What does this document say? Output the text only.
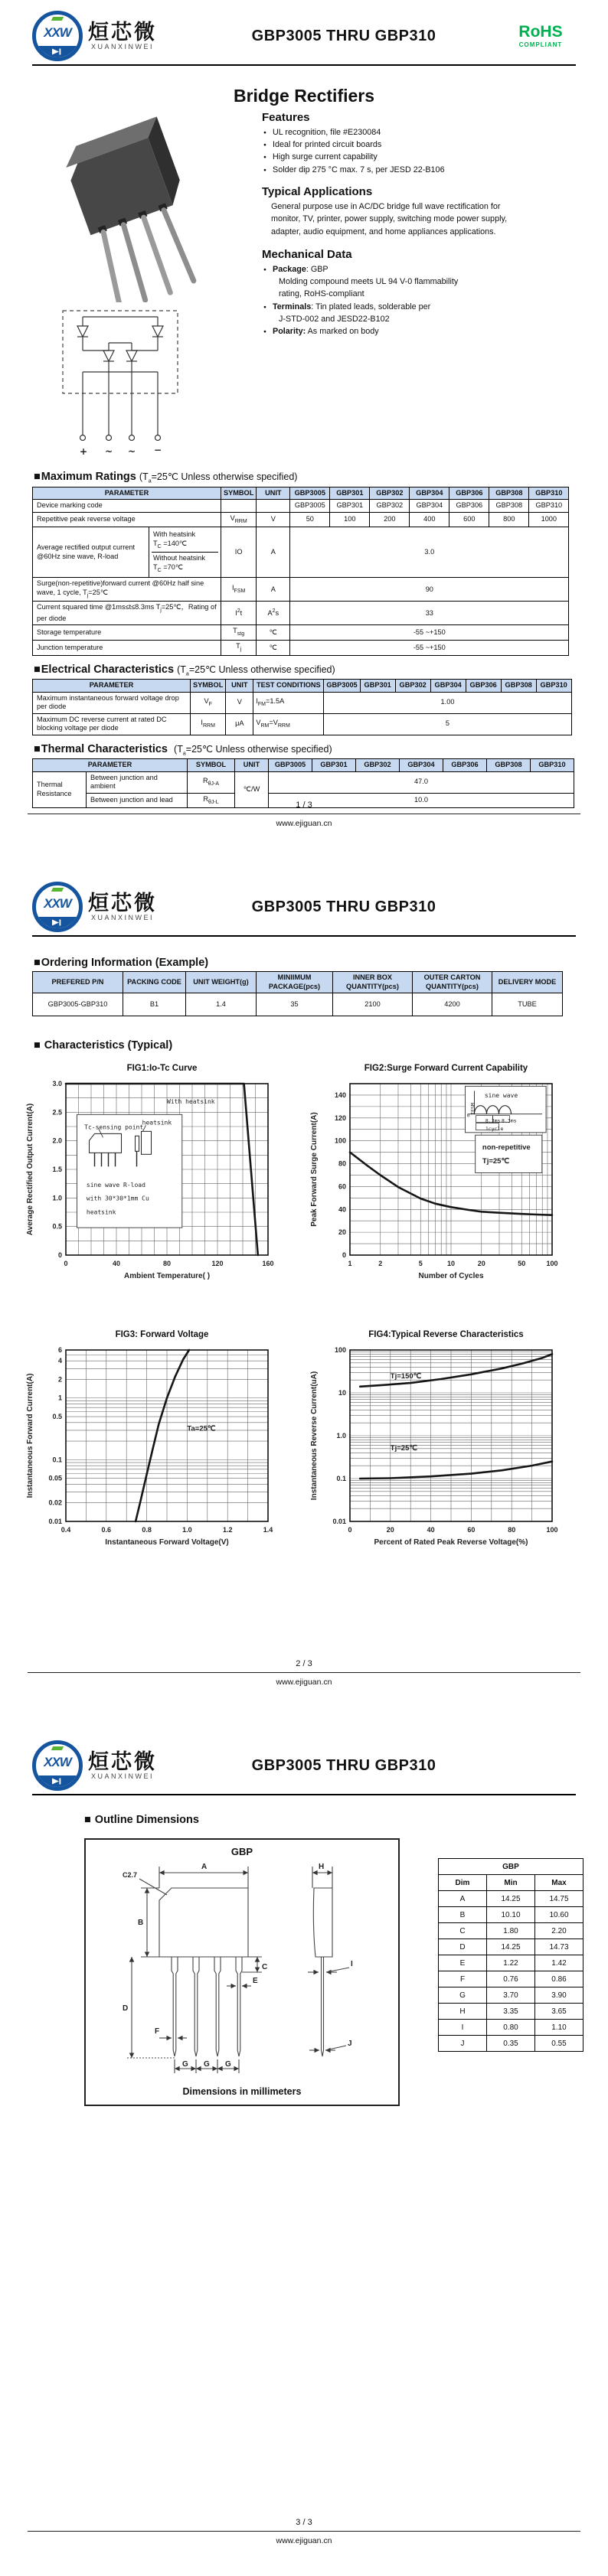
XXW 烜芯微
XUANXINWEI
GBP3005 THRU GBP310	RoHS
COMPLIANT
Bridge Rectifiers

+ ~ ~ −
Features
● UL recognition, file #E230084
● Ideal for printed circuit boards
● High surge current capability
● Solder dip 275 °C max. 7 s, per JESD 22-B106
Typical Applications
General purpose use in AC/DC bridge full wave rectification for monitor, TV, printer, power supply, switching mode power supply, adapter, audio equipment, and home appliances applications.
Mechanical Data
● Package: GBP
Molding compound meets UL 94 V-0 flammability
rating, RoHS-compliant
● Terminals: Tin plated leads, solderable per
J-STD-002 and JESD22-B102
● Polarity: As marked on body
■Maximum Ratings ($T_a=25℃$ Unless otherwise specified)
PARAMETER		SYMBOL	UNIT	GBP3005	GBP301	GBP302	GBP304	GBP306	GBP308	GBP310
Device marking code				GBP3005	GBP301	GBP302	GBP304	GBP306	GBP308	GBP310
Repetitive peak reverse voltage		$V_{RRM}$	V	50	100	200	400	600	800	1000
Average rectified output current @60Hz sine wave, R-load	With heatsink
$T_C$ =140℃
Without heatsink
$T_C$ =70℃	IO	A	3.0						
Surge(non-repetitive)forward current @60Hz half sine wave, 1 cycle, $T_j=25℃$		$I_{FSM}$	A	90						
Current squared time @1ms≤t≤8.3ms $T_j=25℃$，Rating of per diode		$I^2t$	$A^2s$	33						
Storage temperature		$T_{stg}$	℃	-55 ~+150						
Junction temperature		$T_j$	℃	-55 ~+150						
■Electrical Characteristics ($T_a=25℃$ Unless otherwise specified)
PARAMETER	SYMBOL	UNIT	TEST CONDITIONS	GBP3005	GBP301	GBP302	GBP304	GBP306	GBP308	GBP310
Maximum instantaneous forward voltage drop per diode	$V_F$	V	$I_{FM}=1.5A$	1.00						
Maximum DC reverse current at rated DC blocking voltage per diode	$I_{RRM}$	μA	$V_{RM}=V_{RRM}$	5						
■Thermal Characteristics ($T_a=25℃$ Unless otherwise specified)
PARAMETER		SYMBOL	UNIT	GBP3005	GBP301	GBP302	GBP304	GBP306	GBP308	GBP310
Thermal Resistance	Between junction and ambient	$R_{\theta J-A}$	℃/W	47.0						
	Between junction and lead	$R_{\theta J-L}$		10.0						
1 / 3
www.ejiguan.cn
XXW 烜芯微
XUANXINWEI
GBP3005 THRU GBP310
■Ordering Information (Example)
PREFERED P/N	PACKING CODE	UNIT WEIGHT(g)	MINIIMUM PACKAGE(pcs)	INNER BOX QUANTITY(pcs)	OUTER CARTON QUANTITY(pcs)	DELIVERY MODE
GBP3005-GBP310	B1	1.4	35	2100	4200	TUBE
■ Characteristics (Typical)
FIG1:Io-Tc Curve
0	40	80	120	160
0
0.5
1.0
1.5
2.0
2.5
3.0
Ambient Temperature( )
Average Rectified Output Current(A)	Tc-sensing point
heatsink
sine wave R-load
with 30*30*1mm Cu
heatsink
With heatsink
FIG2:Surge Forward Current Capability
1	2	5	10	20	50	100
0
20
40
60
80
100
120
140
Number of Cycles
Peak Forward Surge Current(A)
sine wave
0
IFSM
8.3ms 8.3ms
1cycle
non-repetitive
Tj=25℃
FIG3: Forward Voltage
0.4	0.6	0.8	1.0	1.2	1.4
0.01
0.02
0.05
0.1
0.5
1
2
4
6
Instantaneous Forward Voltage(V)
Instantaneous Forward Current(A)	Ta=25℃
FIG4:Typical Reverse Characteristics
0	20	40	60	80	100
0.01
0.1
1.0
10
100
Percent of Rated Peak Reverse Voltage(%)
Instantaneous Reverse Current(uA)	Tj=150℃
Tj=25℃
2 / 3
www.ejiguan.cn
XXW 烜芯微
XUANXINWEI
GBP3005 THRU GBP310
■ Outline Dimensions
GBP
A
B
C
D
E
F
G G G
H
I
J
C2.7
Dimensions in millimeters
GBP		
Dim	Min	Max
A	14.25	14.75
B	10.10	10.60
C	1.80	2.20
D	14.25	14.73
E	1.22	1.42
F	0.76	0.86
G	3.70	3.90
H	3.35	3.65
I	0.80	1.10
J	0.35	0.55
3 / 3
www.ejiguan.cn
